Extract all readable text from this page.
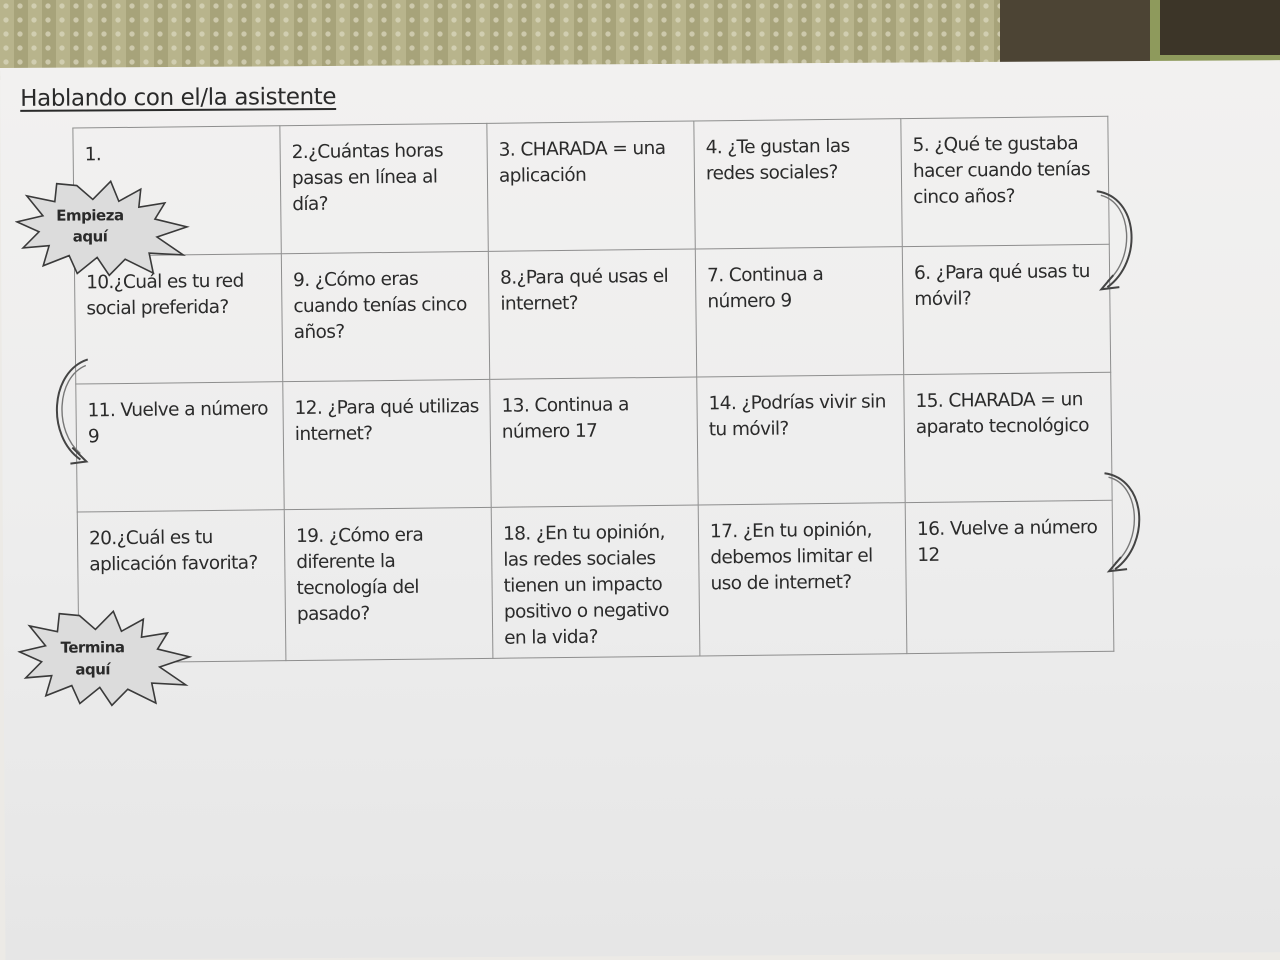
Hablando con el/la asistente
1.	2.¿Cuántas horas pasas en línea al día?	3. CHARADA = una aplicación	4. ¿Te gustan las redes sociales?	5. ¿Qué te gustaba hacer cuando tenías cinco años?
10.¿Cuál es tu red social preferida?	9. ¿Cómo eras cuando tenías cinco años?	8.¿Para qué usas el internet?	7. Continua a número 9	6. ¿Para qué usas tu móvil?
11. Vuelve a número 9	12. ¿Para qué utilizas internet?	13. Continua a número 17	14. ¿Podrías vivir sin tu móvil?	15. CHARADA = un aparato tecnológico
20.¿Cuál es tu aplicación favorita?	19. ¿Cómo era diferente la tecnología del pasado?	18. ¿En tu opinión, las redes sociales tienen un impacto positivo o negativo en la vida?	17. ¿En tu opinión, debemos limitar el uso de internet?	16. Vuelve a número 12
Empieza
aquí
Termina
aquí
